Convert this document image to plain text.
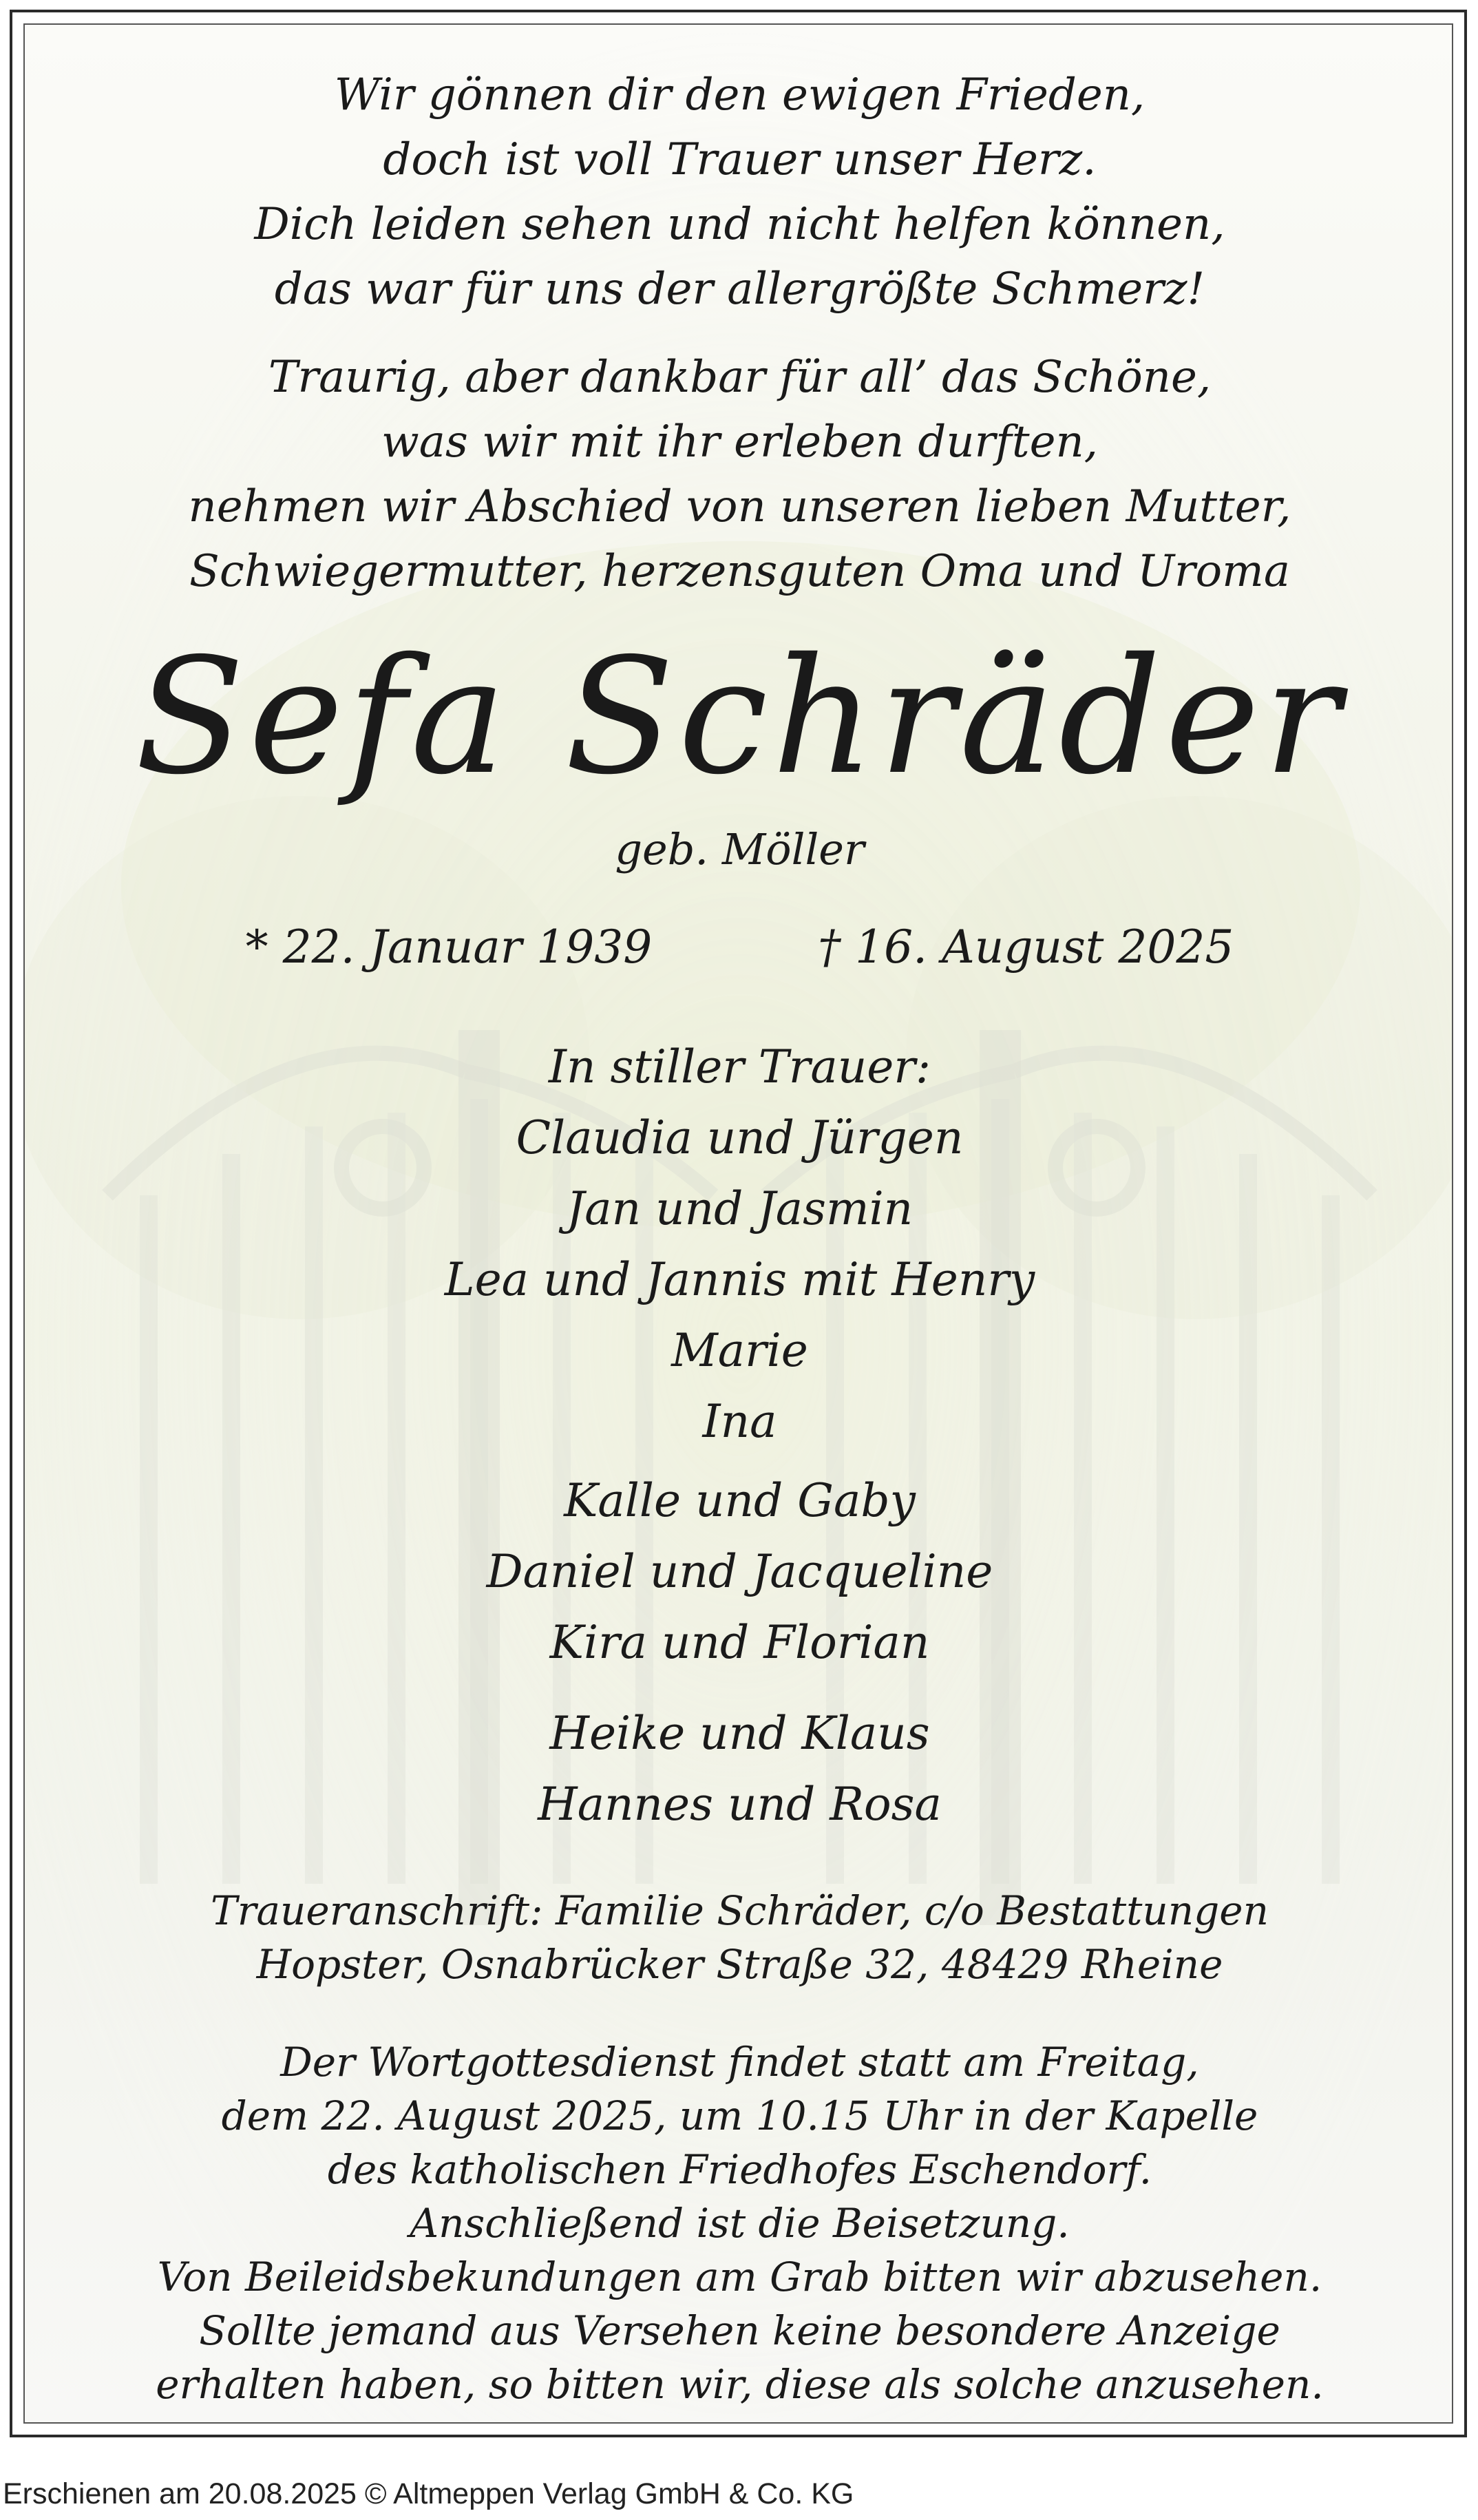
Wir gönnen dir den ewigen Frieden,
doch ist voll Trauer unser Herz.
Dich leiden sehen und nicht helfen können,
das war für uns der allergrößte Schmerz!
Traurig, aber dankbar für all’ das Schöne,
was wir mit ihr erleben durften,
nehmen wir Abschied von unseren lieben Mutter,
Schwiegermutter, herzensguten Oma und Uroma
Sefa Schräder
geb. Möller
* 22. Januar 1939	† 16. August 2025
In stiller Trauer:
Claudia und Jürgen
Jan und Jasmin
Lea und Jannis mit Henry
Marie
Ina
Kalle und Gaby
Daniel und Jacqueline
Kira und Florian
Heike und Klaus
Hannes und Rosa
Traueranschrift: Familie Schräder, c/o Bestattungen
Hopster, Osnabrücker Straße 32, 48429 Rheine
Der Wortgottesdienst findet statt am Freitag,
dem 22. August 2025, um 10.15 Uhr in der Kapelle
des katholischen Friedhofes Eschendorf.
Anschließend ist die Beisetzung.
Von Beileidsbekundungen am Grab bitten wir abzusehen.
Sollte jemand aus Versehen keine besondere Anzeige
erhalten haben, so bitten wir, diese als solche anzusehen.
Erschienen am 20.08.2025 © Altmeppen Verlag GmbH & Co. KG
